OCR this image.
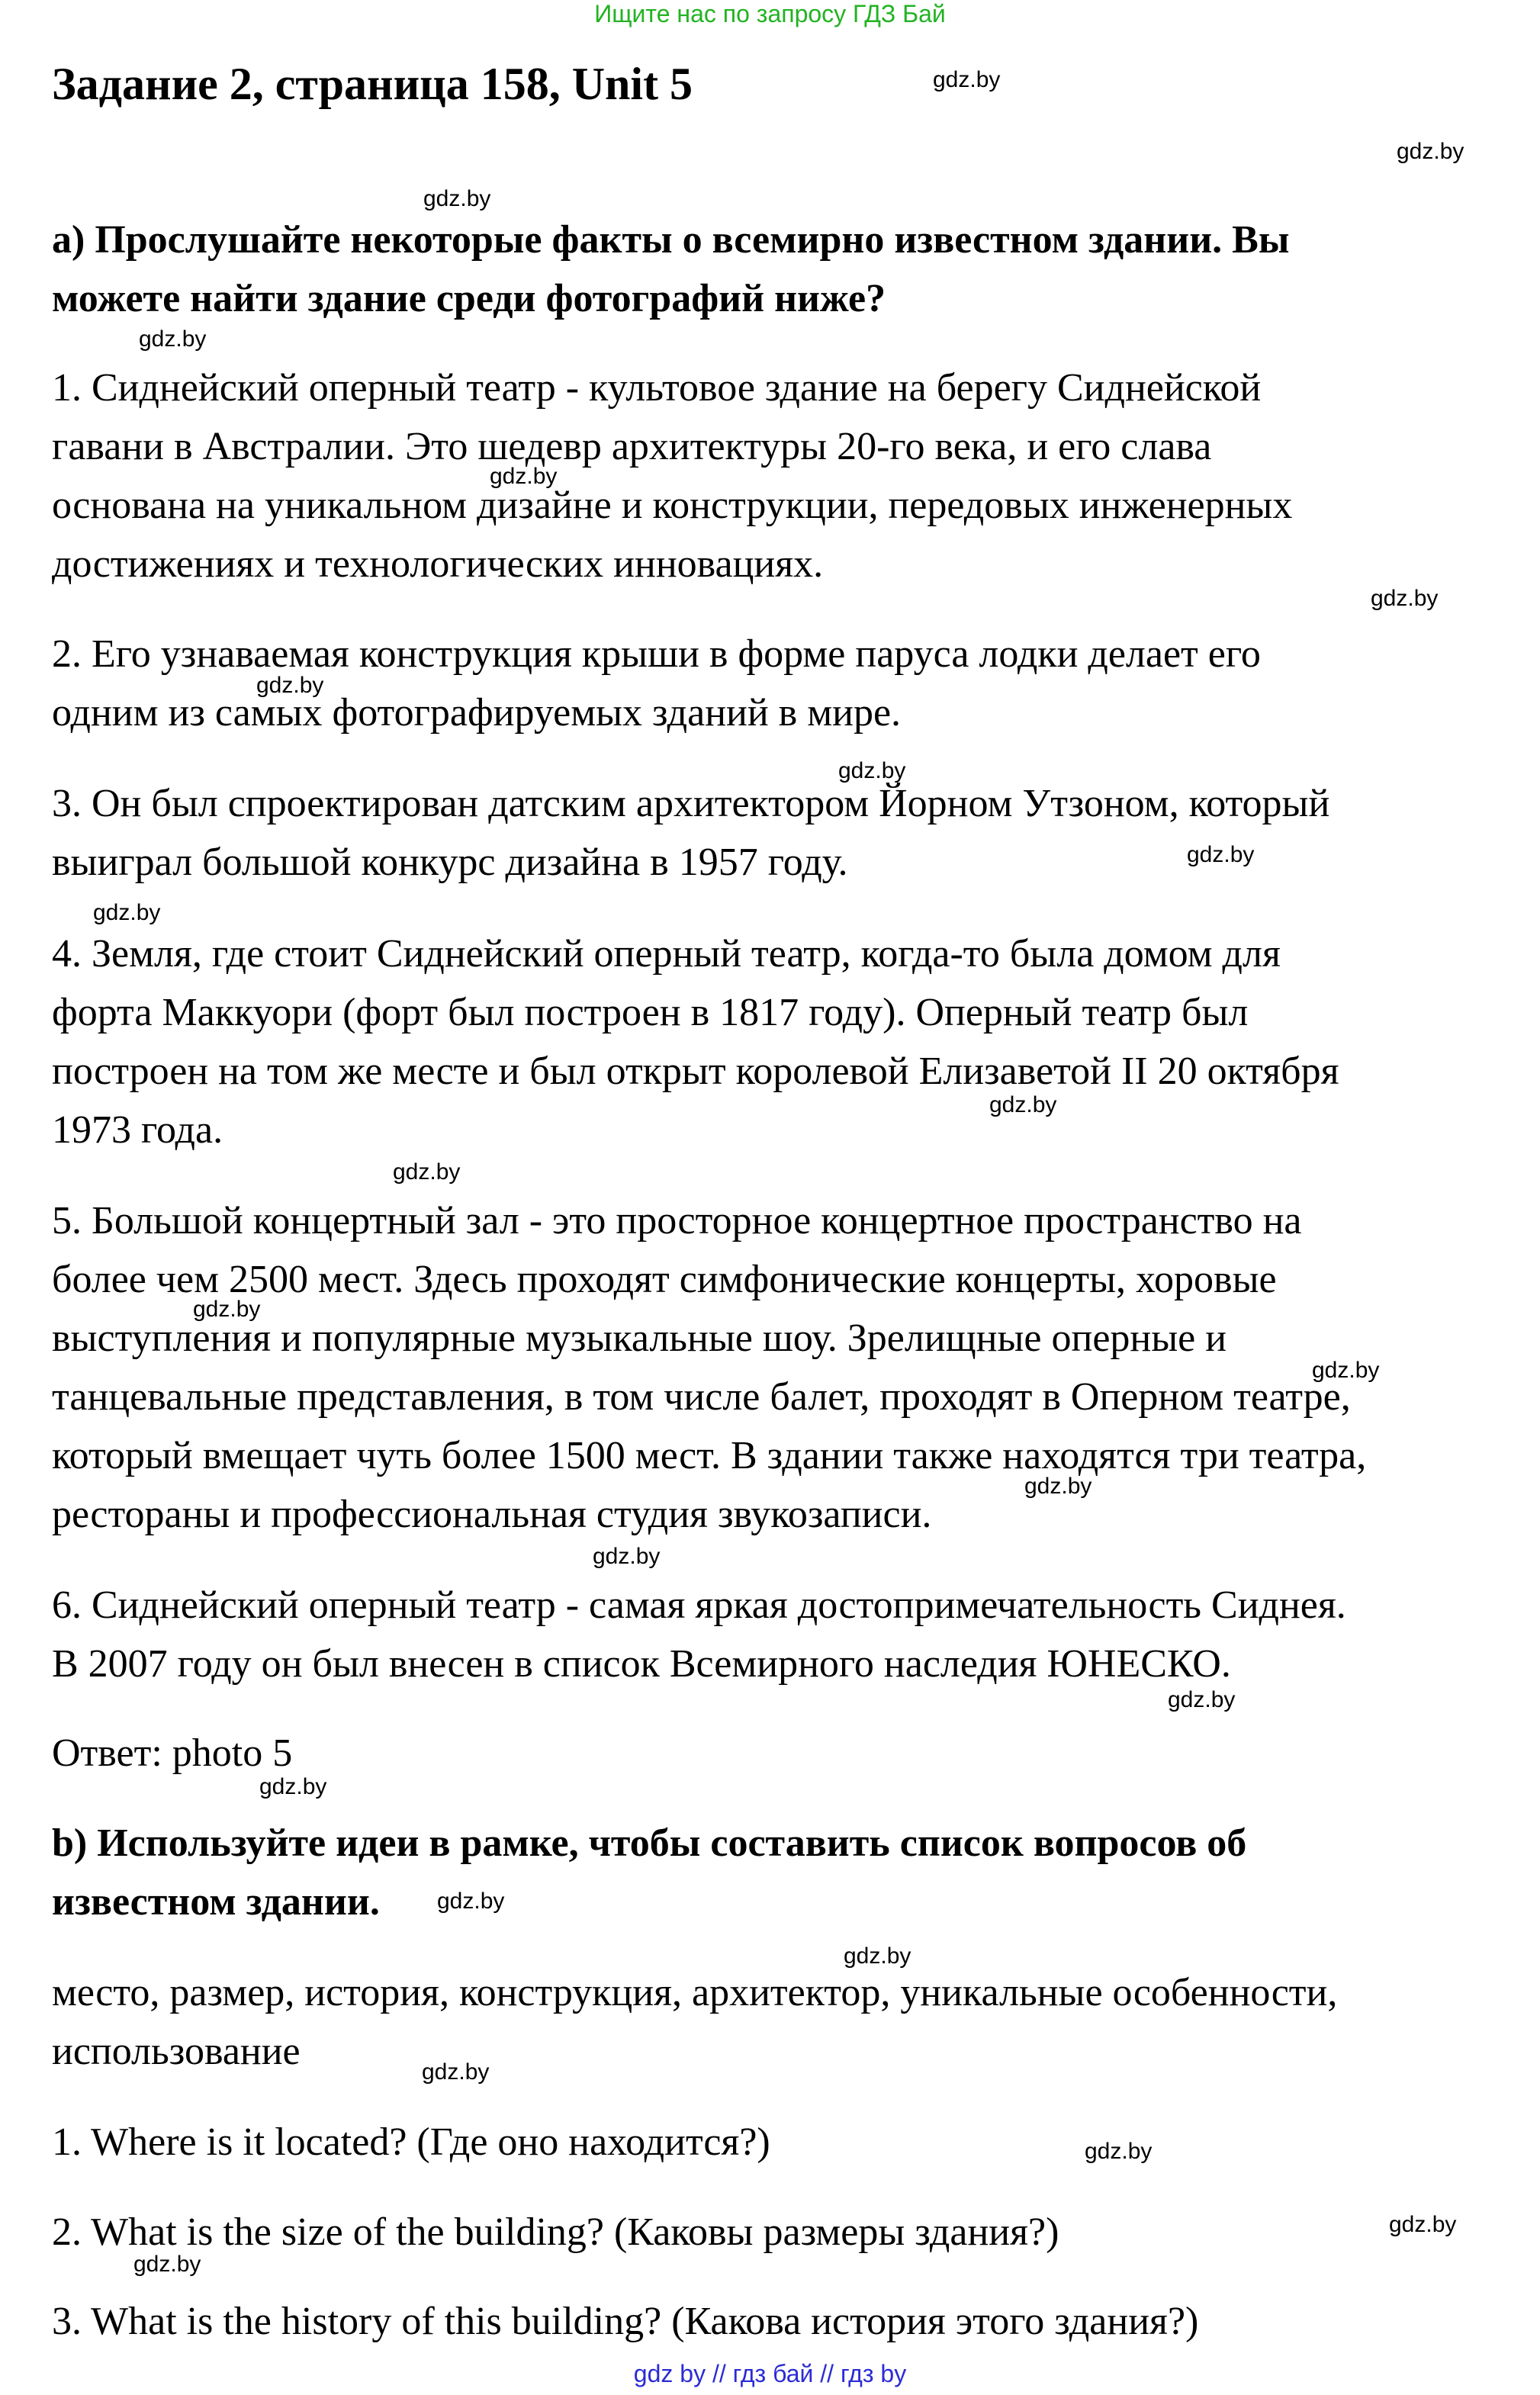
Ищите нас по запросу ГДЗ Бай
Задание 2, страница 158, Unit 5
а) Прослушайте некоторые факты о всемирно известном здании. Вы
можете найти здание среди фотографий ниже?
1. Сиднейский оперный театр - культовое здание на берегу Сиднейской
гавани в Австралии. Это шедевр архитектуры 20-го века, и его слава
основана на уникальном дизайне и конструкции, передовых инженерных
достижениях и технологических инновациях.
2. Его узнаваемая конструкция крыши в форме паруса лодки делает его
одним из самых фотографируемых зданий в мире.
3. Он был спроектирован датским архитектором Йорном Утзоном, который
выиграл большой конкурс дизайна в 1957 году.
4. Земля, где стоит Сиднейский оперный театр, когда-то была домом для
форта Маккуори (форт был построен в 1817 году). Оперный театр был
построен на том же месте и был открыт королевой Елизаветой II 20 октября
1973 года.
5. Большой концертный зал - это просторное концертное пространство на
более чем 2500 мест. Здесь проходят симфонические концерты, хоровые
выступления и популярные музыкальные шоу. Зрелищные оперные и
танцевальные представления, в том числе балет, проходят в Оперном театре,
который вмещает чуть более 1500 мест. В здании также находятся три театра,
рестораны и профессиональная студия звукозаписи.
6. Сиднейский оперный театр - самая яркая достопримечательность Сиднея.
В 2007 году он был внесен в список Всемирного наследия ЮНЕСКО.
Ответ: photo 5
b) Используйте идеи в рамке, чтобы составить список вопросов об
известном здании.
место, размер, история, конструкция, архитектор, уникальные особенности,
использование
1. Where is it located? (Где оно находится?)
2. What is the size of the building? (Каковы размеры здания?)
3. What is the history of this building? (Какова история этого здания?)
gdz.by
gdz.by
gdz.by
gdz.by
gdz.by
gdz.by
gdz.by
gdz.by
gdz.by
gdz.by
gdz.by
gdz.by
gdz.by
gdz.by
gdz.by
gdz.by
gdz.by
gdz.by
gdz.by
gdz.by
gdz.by
gdz.by
gdz.by
gdz.by
gdz by // гдз бай // гдз by
